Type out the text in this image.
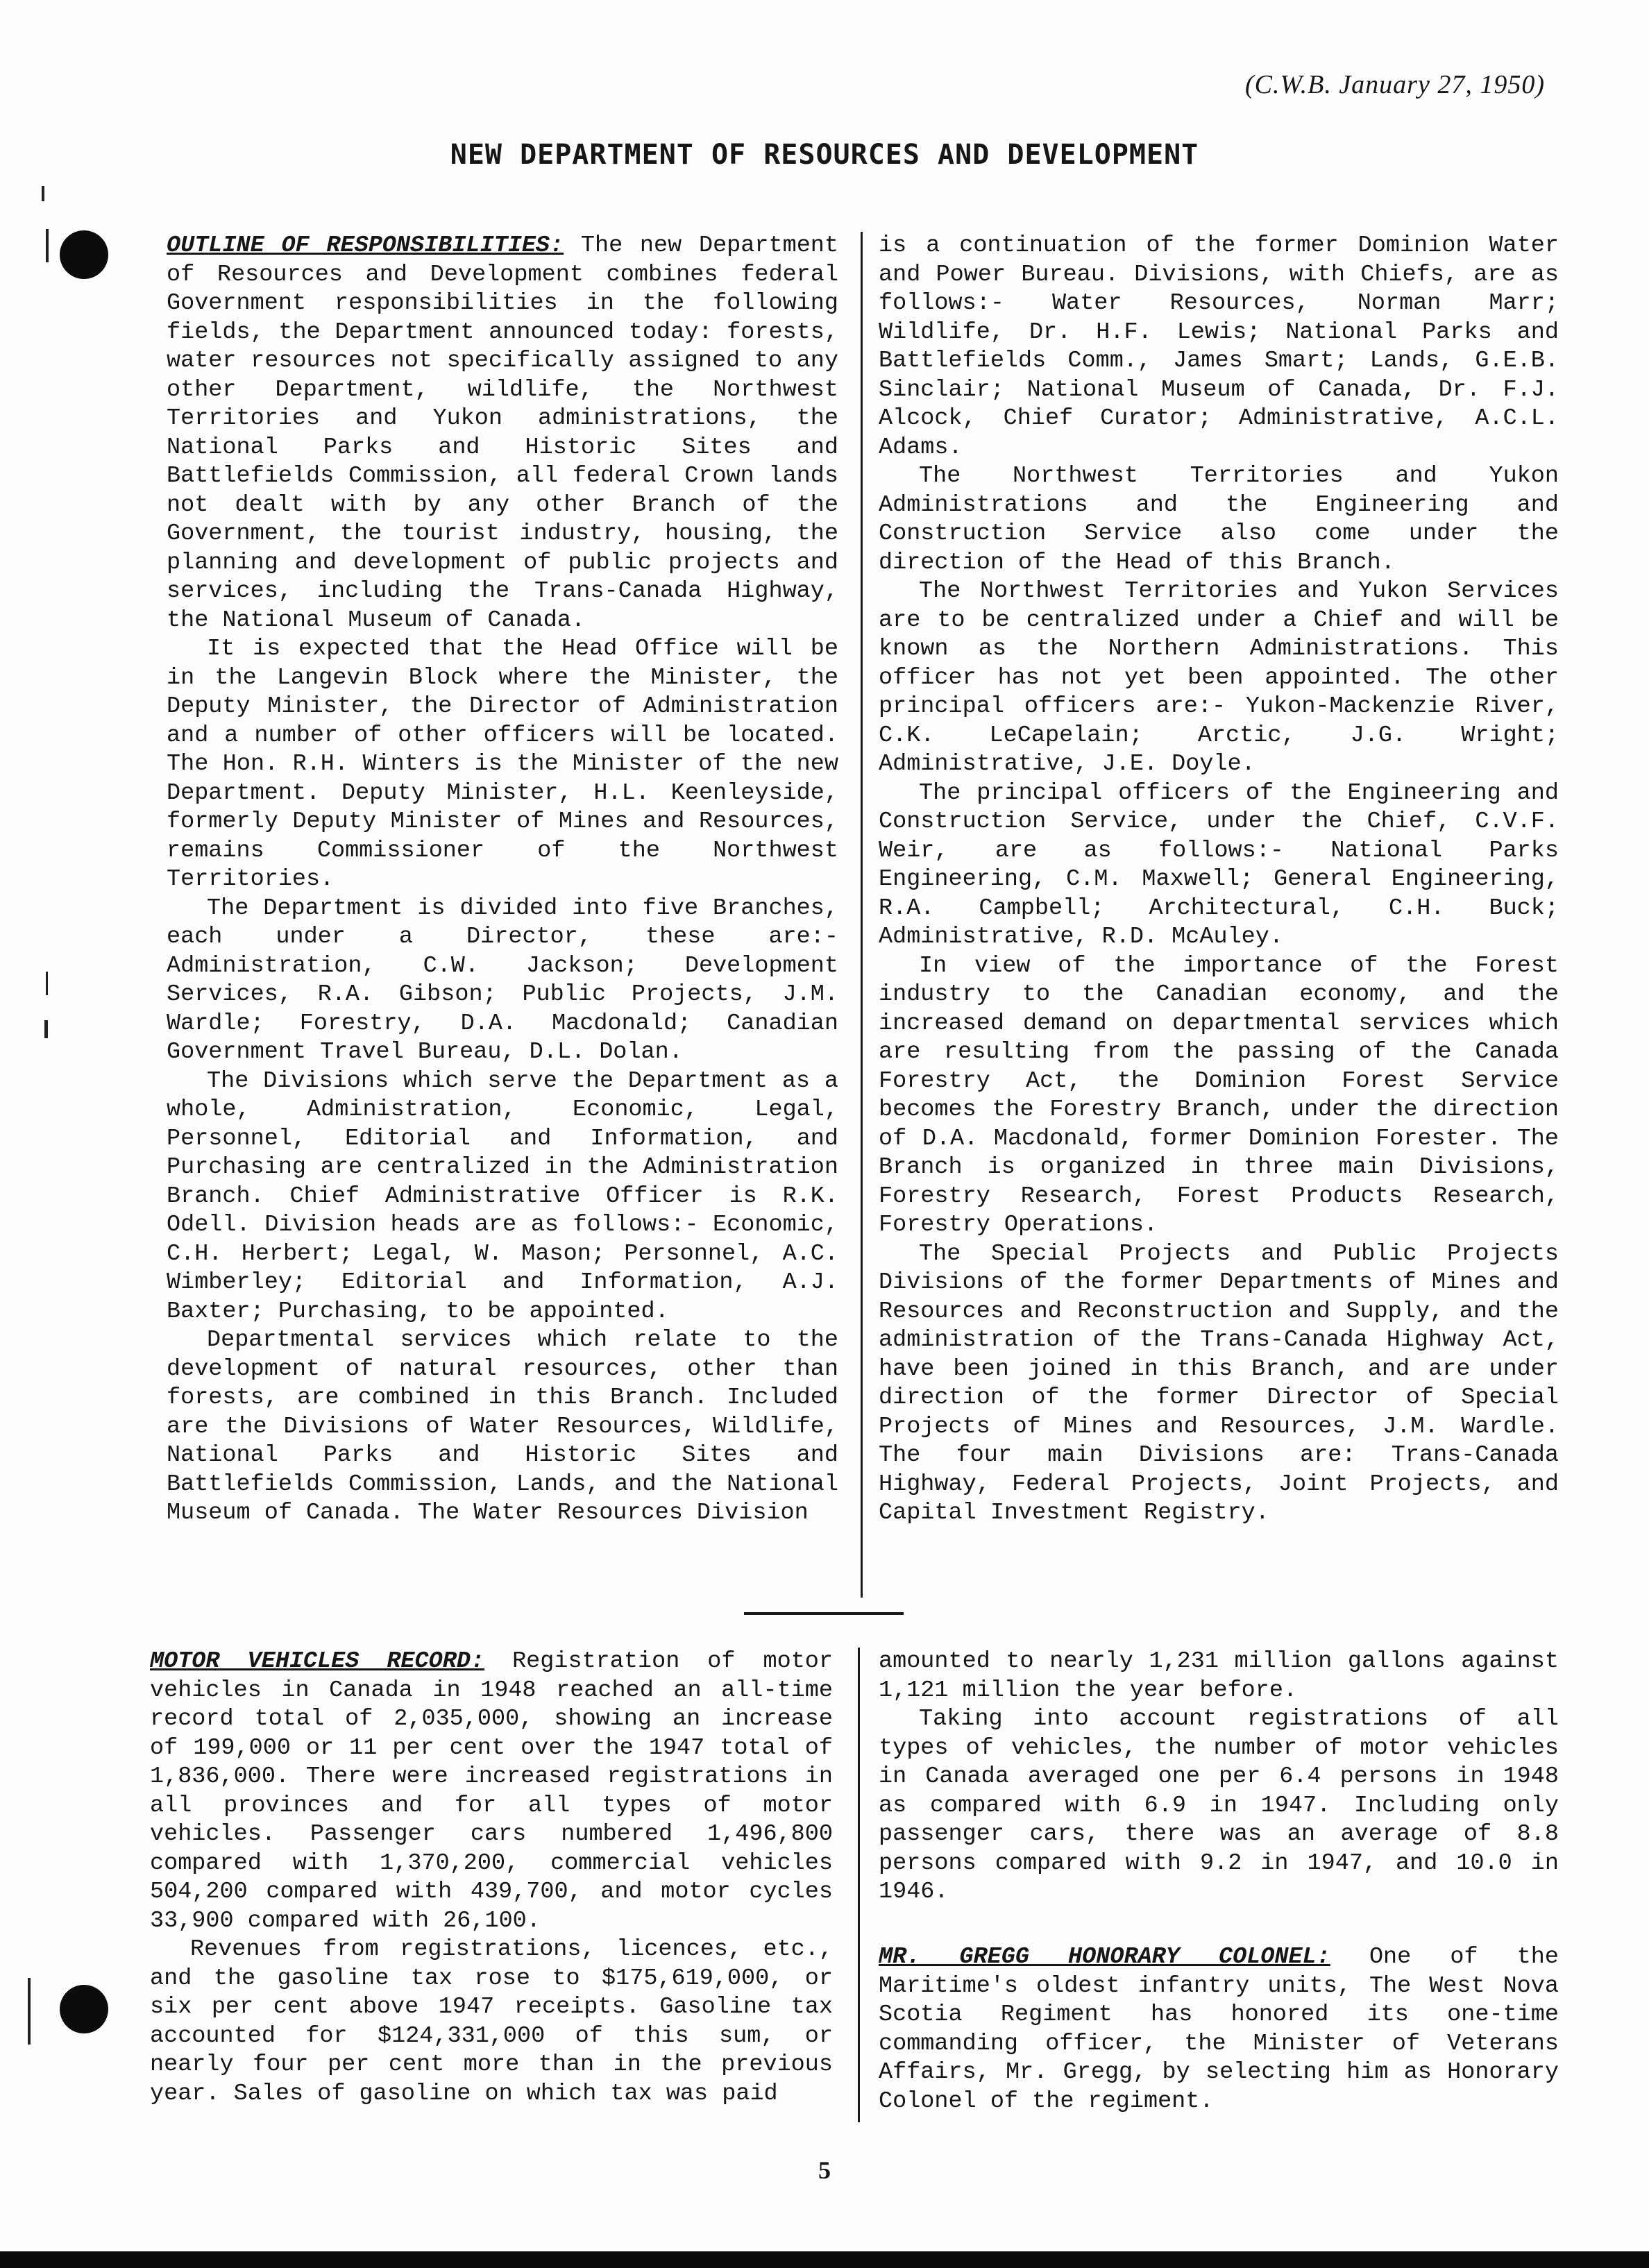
(C.W.B. January 27, 1950)
NEW DEPARTMENT OF RESOURCES AND DEVELOPMENT

OUTLINE OF RESPONSIBILITIES: The new Department of Resources and Development combines federal Government responsibilities in the following fields, the Department announced today: forests, water resources not specifically assigned to any other Department, wildlife, the Northwest Territories and Yukon administrations, the National Parks and Historic Sites and Battlefields Commission, all federal Crown lands not dealt with by any other Branch of the Government, the tourist industry, housing, the planning and development of public projects and services, including the Trans-Canada Highway, the National Museum of Canada.

It is expected that the Head Office will be in the Langevin Block where the Minister, the Deputy Minister, the Director of Administration and a number of other officers will be located. The Hon. R.H. Winters is the Minister of the new Department. Deputy Minister, H.L. Keenleyside, formerly Deputy Minister of Mines and Resources, remains Commissioner of the Northwest Territories.

The Department is divided into five Branches, each under a Director, these are:- Administration, C.W. Jackson; Development Services, R.A. Gibson; Public Projects, J.M. Wardle; Forestry, D.A. Macdonald; Canadian Government Travel Bureau, D.L. Dolan.

The Divisions which serve the Department as a whole, Administration, Economic, Legal, Personnel, Editorial and Information, and Purchasing are centralized in the Administration Branch. Chief Administrative Officer is R.K. Odell. Division heads are as follows:- Economic, C.H. Herbert; Legal, W. Mason; Personnel, A.C. Wimberley; Editorial and Information, A.J. Baxter; Purchasing, to be appointed.

Departmental services which relate to the development of natural resources, other than forests, are combined in this Branch. Included are the Divisions of Water Resources, Wildlife, National Parks and Historic Sites and Battlefields Commission, Lands, and the National Museum of Canada. The Water Resources Division

is a continuation of the former Dominion Water and Power Bureau. Divisions, with Chiefs, are as follows:- Water Resources, Norman Marr; Wildlife, Dr. H.F. Lewis; National Parks and Battlefields Comm., James Smart; Lands, G.E.B. Sinclair; National Museum of Canada, Dr. F.J. Alcock, Chief Curator; Administrative, A.C.L. Adams.

The Northwest Territories and Yukon Administrations and the Engineering and Construction Service also come under the direction of the Head of this Branch.

The Northwest Territories and Yukon Services are to be centralized under a Chief and will be known as the Northern Administrations. This officer has not yet been appointed. The other principal officers are:- Yukon-Mackenzie River, C.K. LeCapelain; Arctic, J.G. Wright; Administrative, J.E. Doyle.

The principal officers of the Engineering and Construction Service, under the Chief, C.V.F. Weir, are as follows:- National Parks Engineering, C.M. Maxwell; General Engineering, R.A. Campbell; Architectural, C.H. Buck; Administrative, R.D. McAuley.

In view of the importance of the Forest industry to the Canadian economy, and the increased demand on departmental services which are resulting from the passing of the Canada Forestry Act, the Dominion Forest Service becomes the Forestry Branch, under the direction of D.A. Macdonald, former Dominion Forester. The Branch is organized in three main Divisions, Forestry Research, Forest Products Research, Forestry Operations.

The Special Projects and Public Projects Divisions of the former Departments of Mines and Resources and Reconstruction and Supply, and the administration of the Trans-Canada Highway Act, have been joined in this Branch, and are under direction of the former Director of Special Projects of Mines and Resources, J.M. Wardle. The four main Divisions are: Trans-Canada Highway, Federal Projects, Joint Projects, and Capital Investment Registry.

MOTOR VEHICLES RECORD: Registration of motor vehicles in Canada in 1948 reached an all-time record total of 2,035,000, showing an increase of 199,000 or 11 per cent over the 1947 total of 1,836,000. There were increased registrations in all provinces and for all types of motor vehicles. Passenger cars numbered 1,496,800 compared with 1,370,200, commercial vehicles 504,200 compared with 439,700, and motor cycles 33,900 compared with 26,100.

Revenues from registrations, licences, etc., and the gasoline tax rose to $175,619,000, or six per cent above 1947 receipts. Gasoline tax accounted for $124,331,000 of this sum, or nearly four per cent more than in the previous year. Sales of gasoline on which tax was paid

amounted to nearly 1,231 million gallons against 1,121 million the year before.

Taking into account registrations of all types of vehicles, the number of motor vehicles in Canada averaged one per 6.4 persons in 1948 as compared with 6.9 in 1947. Including only passenger cars, there was an average of 8.8 persons compared with 9.2 in 1947, and 10.0 in 1946.

MR. GREGG HONORARY COLONEL: One of the Maritime's oldest infantry units, The West Nova Scotia Regiment has honored its one-time commanding officer, the Minister of Veterans Affairs, Mr. Gregg, by selecting him as Honorary Colonel of the regiment.

5
